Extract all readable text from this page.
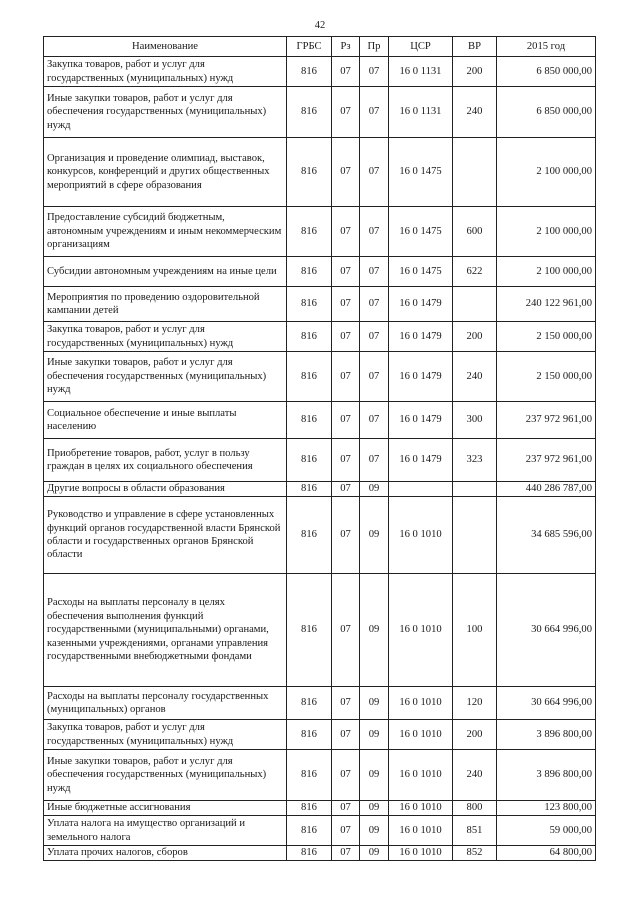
42
Наименование	ГРБС	Рз	Пр	ЦСР	ВР	2015 год
Закупка товаров, работ и услуг для государственных (муниципальных) нужд	816	07	07	16 0 1131	200	6 850 000,00
Иные закупки товаров, работ и услуг для обеспечения государственных (муниципальных) нужд	816	07	07	16 0 1131	240	6 850 000,00
Организация и проведение олимпиад, выставок, конкурсов, конференций и других общественных мероприятий в сфере образования	816	07	07	16 0 1475		2 100 000,00
Предоставление субсидий бюджетным, автономным учреждениям и иным некоммерческим организациям	816	07	07	16 0 1475	600	2 100 000,00
Субсидии автономным учреждениям на иные цели	816	07	07	16 0 1475	622	2 100 000,00
Мероприятия по проведению оздоровительной кампании детей	816	07	07	16 0 1479		240 122 961,00
Закупка товаров, работ и услуг для государственных (муниципальных) нужд	816	07	07	16 0 1479	200	2 150 000,00
Иные закупки товаров, работ и услуг для обеспечения государственных (муниципальных) нужд	816	07	07	16 0 1479	240	2 150 000,00
Социальное обеспечение и иные выплаты населению	816	07	07	16 0 1479	300	237 972 961,00
Приобретение товаров, работ, услуг в пользу граждан в целях их социального обеспечения	816	07	07	16 0 1479	323	237 972 961,00
Другие вопросы в области образования	816	07	09			440 286 787,00
Руководство и управление в сфере установленных функций органов государственной власти Брянской области и государственных органов Брянской области	816	07	09	16 0 1010		34 685 596,00
Расходы на выплаты персоналу в целях обеспечения выполнения функций государственными (муниципальными) органами, казенными учреждениями, органами управления государственными внебюджетными фондами	816	07	09	16 0 1010	100	30 664 996,00
Расходы на выплаты персоналу государственных (муниципальных) органов	816	07	09	16 0 1010	120	30 664 996,00
Закупка товаров, работ и услуг для государственных (муниципальных) нужд	816	07	09	16 0 1010	200	3 896 800,00
Иные закупки товаров, работ и услуг для обеспечения государственных (муниципальных) нужд	816	07	09	16 0 1010	240	3 896 800,00
Иные бюджетные ассигнования	816	07	09	16 0 1010	800	123 800,00
Уплата налога на имущество организаций и земельного налога	816	07	09	16 0 1010	851	59 000,00
Уплата прочих налогов, сборов	816	07	09	16 0 1010	852	64 800,00
